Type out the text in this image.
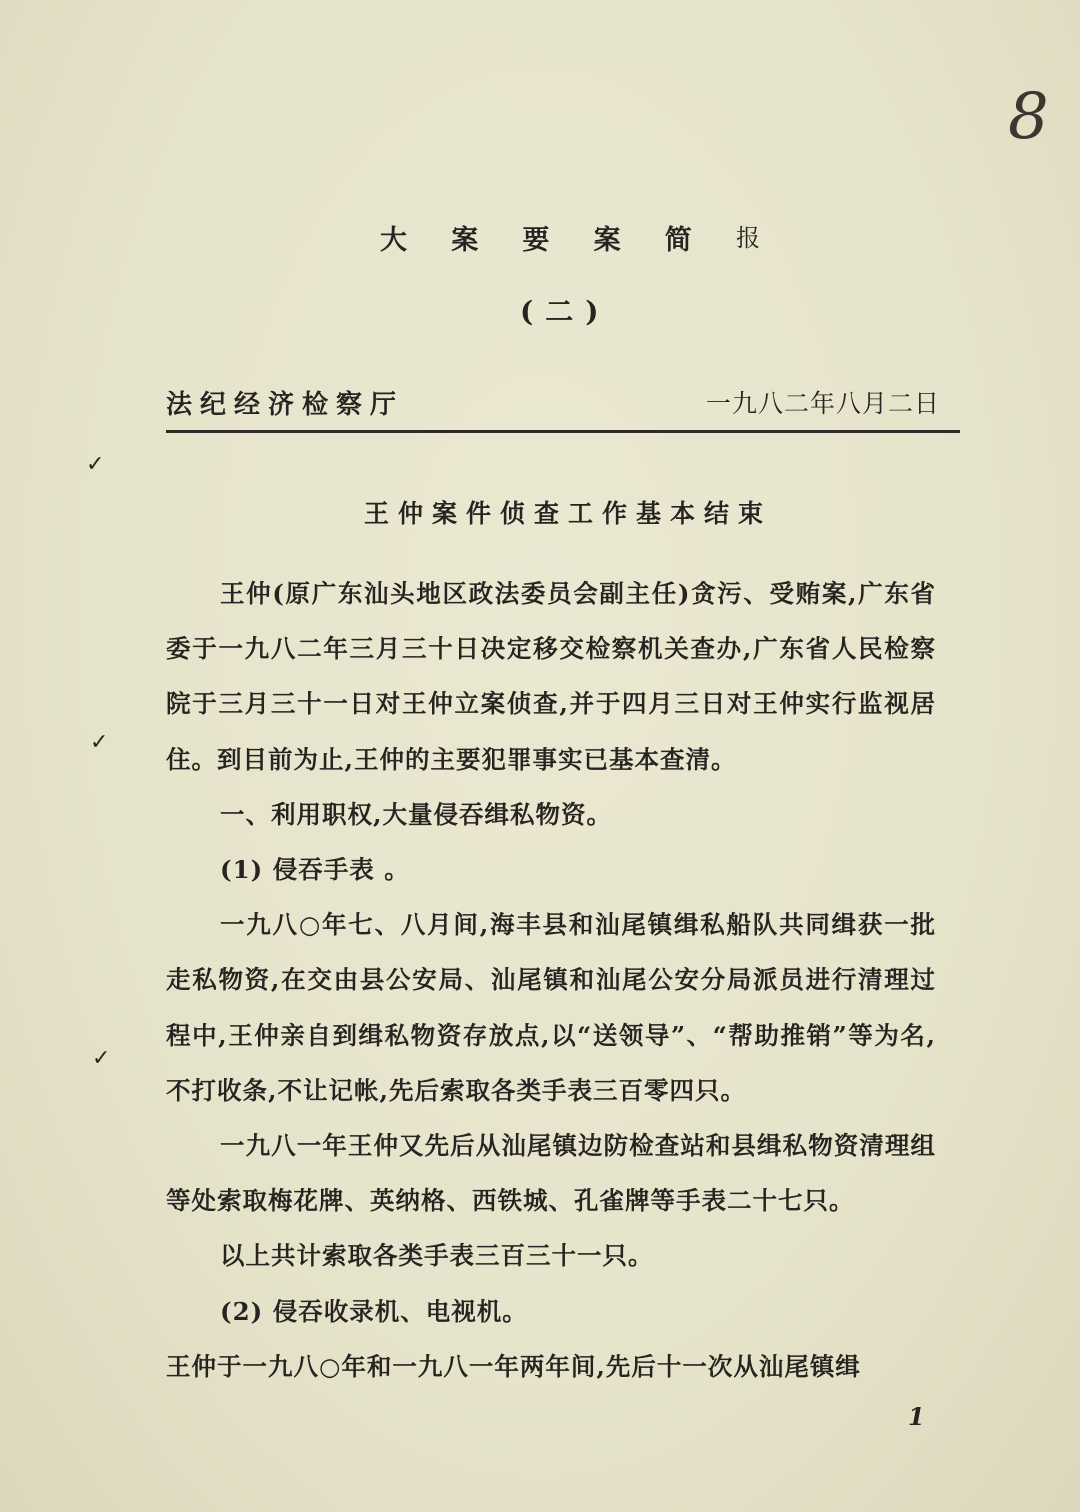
8
大 案 要 案 简 报
(二)
法纪经济检察厅	一九八二年八月二日
王仲案件侦查工作基本结束

王仲(原广东汕头地区政法委员会副主任)贪污、受贿案,广东省委于一九八二年三月三十日决定移交检察机关查办,广东省人民检察院于三月三十一日对王仲立案侦查,并于四月三日对王仲实行监视居住。到目前为止,王仲的主要犯罪事实已基本查清。

一、利用职权,大量侵吞缉私物资。

(1) 侵吞手表 。

一九八○年七、八月间,海丰县和汕尾镇缉私船队共同缉获一批走私物资,在交由县公安局、汕尾镇和汕尾公安分局派员进行清理过程中,王仲亲自到缉私物资存放点,以“送领导”、“帮助推销”等为名,不打收条,不让记帐,先后索取各类手表三百零四只。

一九八一年王仲又先后从汕尾镇边防检查站和县缉私物资清理组等处索取梅花牌、英纳格、西铁城、孔雀牌等手表二十七只。

以上共计索取各类手表三百三十一只。

(2) 侵吞收录机、电视机。

王仲于一九八○年和一九八一年两年间,先后十一次从汕尾镇缉

1
✓
✓
✓
